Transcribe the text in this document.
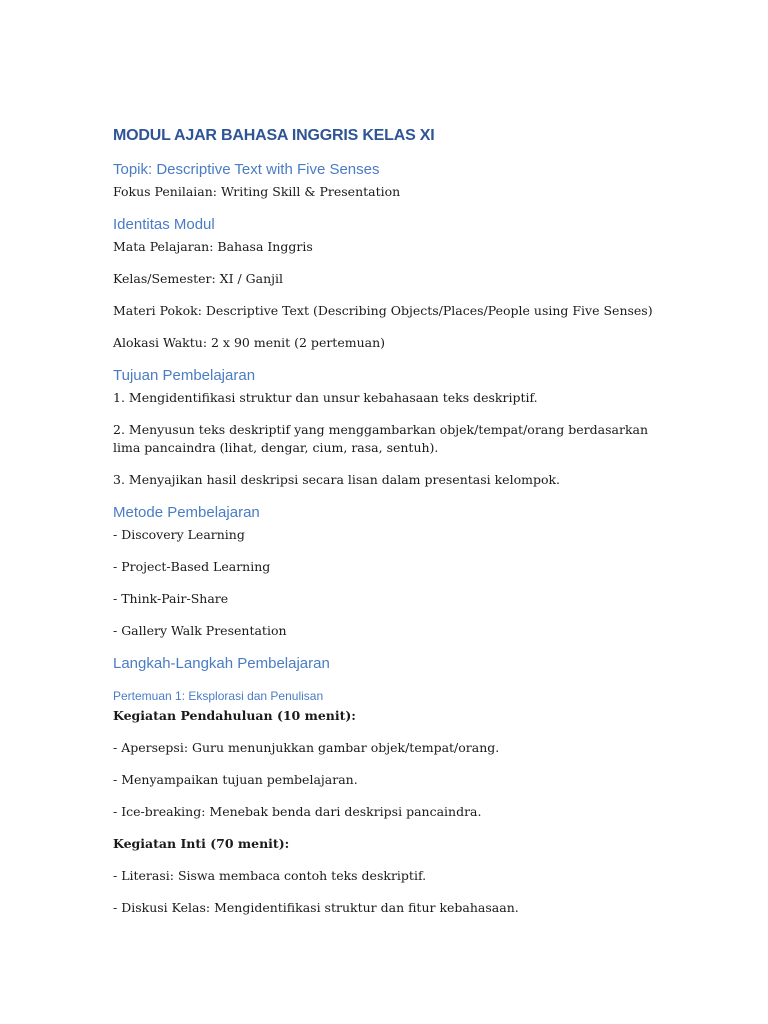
MODUL AJAR BAHASA INGGRIS KELAS XI
Topik: Descriptive Text with Five Senses
Fokus Penilaian: Writing Skill & Presentation
Identitas Modul
Mata Pelajaran: Bahasa Inggris
Kelas/Semester: XI / Ganjil
Materi Pokok: Descriptive Text (Describing Objects/Places/People using Five Senses)
Alokasi Waktu: 2 x 90 menit (2 pertemuan)
Tujuan Pembelajaran
1. Mengidentifikasi struktur dan unsur kebahasaan teks deskriptif.
2. Menyusun teks deskriptif yang menggambarkan objek/tempat/orang berdasarkan lima pancaindra (lihat, dengar, cium, rasa, sentuh).
3. Menyajikan hasil deskripsi secara lisan dalam presentasi kelompok.
Metode Pembelajaran
- Discovery Learning
- Project-Based Learning
- Think-Pair-Share
- Gallery Walk Presentation
Langkah-Langkah Pembelajaran
Pertemuan 1: Eksplorasi dan Penulisan
Kegiatan Pendahuluan (10 menit):
- Apersepsi: Guru menunjukkan gambar objek/tempat/orang.
- Menyampaikan tujuan pembelajaran.
- Ice-breaking: Menebak benda dari deskripsi pancaindra.
Kegiatan Inti (70 menit):
- Literasi: Siswa membaca contoh teks deskriptif.
- Diskusi Kelas: Mengidentifikasi struktur dan fitur kebahasaan.
